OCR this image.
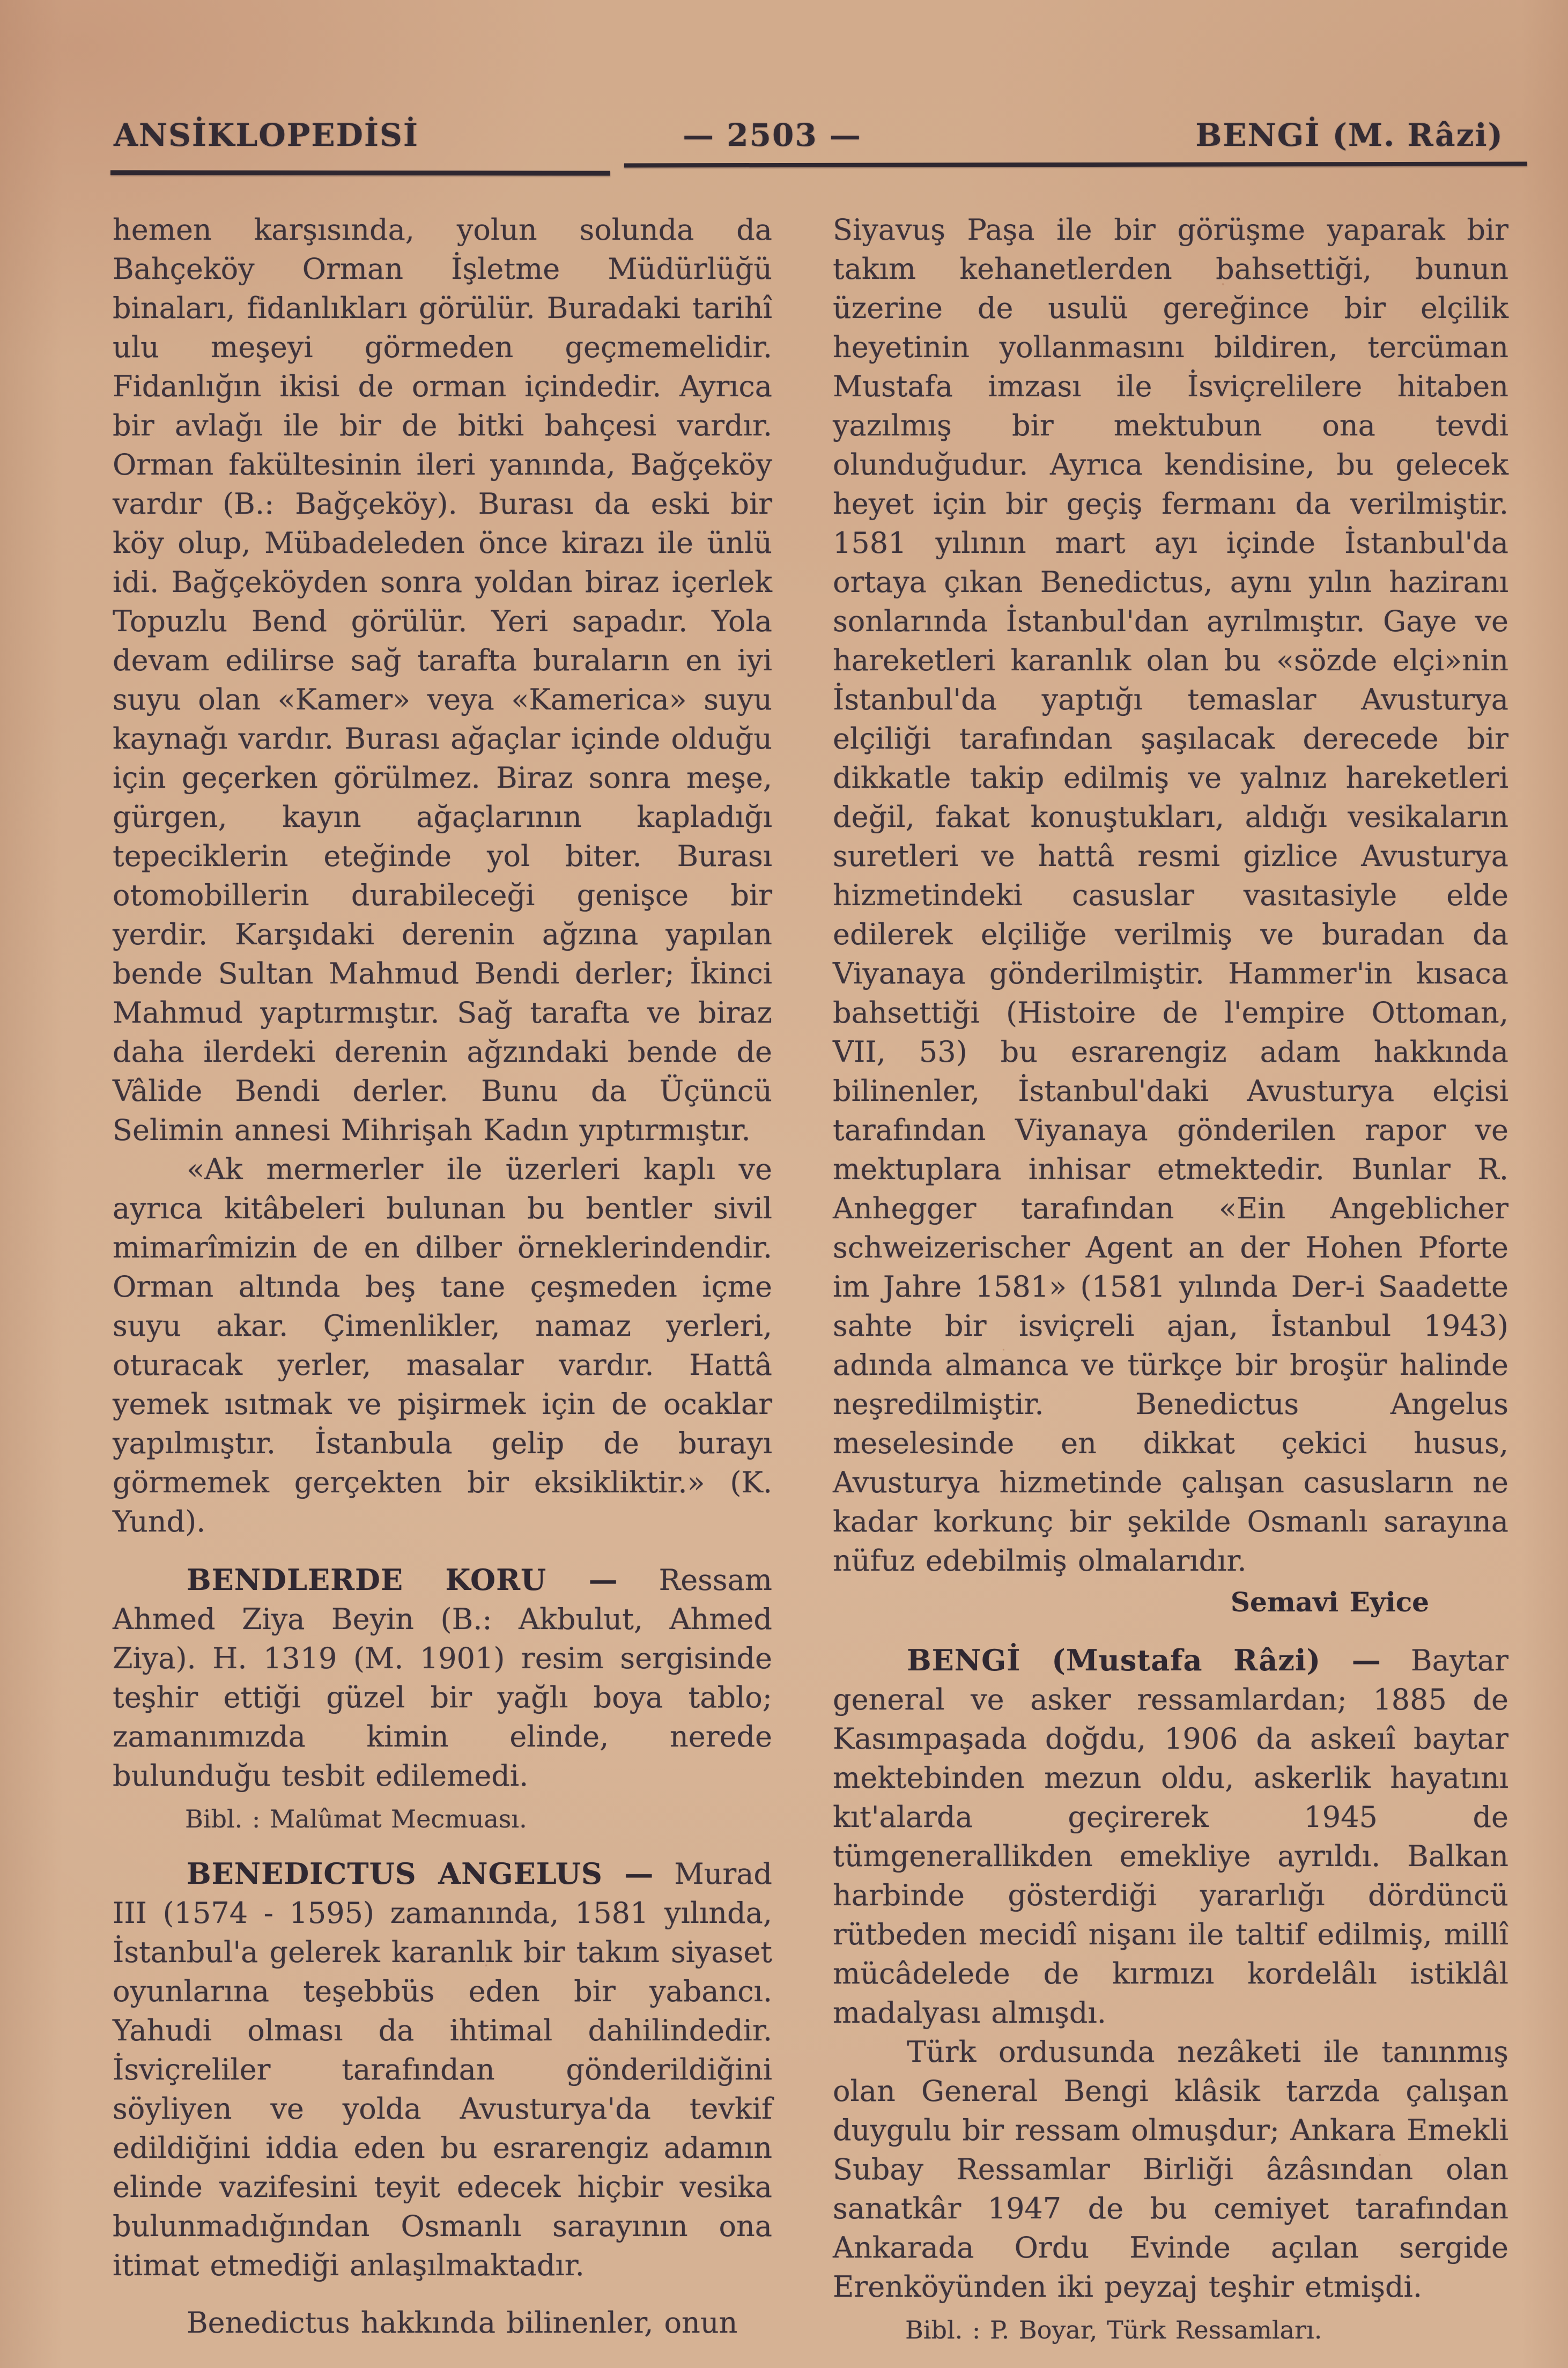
ANSİKLOPEDİSİ	— 2503 —	BENGİ (M. Râzi)

hemen karşısında, yolun solunda da Bahçeköy Orman İşletme Müdürlüğü binaları, fidanlıkları görülür. Buradaki tarihî ulu meşeyi görmeden geçmemelidir. Fidanlığın ikisi de orman içindedir. Ayrıca bir avlağı ile bir de bitki bahçesi vardır. Orman fakültesinin ileri yanında, Bağçeköy vardır (B.: Bağçeköy). Burası da eski bir köy olup, Mübadeleden önce kirazı ile ünlü idi. Bağçeköyden sonra yoldan biraz içerlek Topuzlu Bend görülür. Yeri sapadır. Yola devam edilirse sağ tarafta buraların en iyi suyu olan «Kamer» veya «Kamerica» suyu kaynağı vardır. Burası ağaçlar içinde olduğu için geçerken görülmez. Biraz sonra meşe, gürgen, kayın ağaçlarının kapladığı tepeciklerin eteğinde yol biter. Burası otomobillerin durabileceği genişce bir yerdir. Karşıdaki derenin ağzına yapılan bende Sultan Mahmud Bendi derler; İkinci Mahmud yaptırmıştır. Sağ tarafta ve biraz daha ilerdeki derenin ağzındaki bende de Vâlide Bendi derler. Bunu da Üçüncü Selimin annesi Mihrişah Kadın yıptırmıştır.

«Ak mermerler ile üzerleri kaplı ve ayrıca kitâbeleri bulunan bu bentler sivil mimarîmizin de en dilber örneklerindendir. Orman altında beş tane çeşmeden içme suyu akar. Çimenlikler, namaz yerleri, oturacak yerler, masalar vardır. Hattâ yemek ısıtmak ve pişirmek için de ocaklar yapılmıştır. İstanbula gelip de burayı görmemek gerçekten bir eksikliktir.» (K. Yund).

BENDLERDE KORU — Ressam Ahmed Ziya Beyin (B.: Akbulut, Ahmed Ziya). H. 1319 (M. 1901) resim sergisinde teşhir ettiği güzel bir yağlı boya tablo; zamanımızda kimin elinde, nerede bulunduğu tesbit edilemedi.

Bibl. : Malûmat Mecmuası.

BENEDICTUS ANGELUS — Murad III (1574 - 1595) zamanında, 1581 yılında, İstanbul'a gelerek karanlık bir takım siyaset oyunlarına teşebbüs eden bir yabancı. Yahudi olması da ihtimal dahilindedir. İsviçreliler tarafından gönderildiğini söyliyen ve yolda Avusturya'da tevkif edildiğini iddia eden bu esrarengiz adamın elinde vazifesini teyit edecek hiçbir vesika bulunmadığından Osmanlı sarayının ona itimat etmediği anlaşılmaktadır.

Benedictus hakkında bilinenler, onun

Siyavuş Paşa ile bir görüşme yaparak bir takım kehanetlerden bahsettiği, bunun üzerine de usulü gereğince bir elçilik heyetinin yollanmasını bildiren, tercüman Mustafa imzası ile İsviçrelilere hitaben yazılmış bir mektubun ona tevdi olunduğudur. Ayrıca kendisine, bu gelecek heyet için bir geçiş fermanı da verilmiştir. 1581 yılının mart ayı içinde İstanbul'da ortaya çıkan Benedictus, aynı yılın haziranı sonlarında İstanbul'dan ayrılmıştır. Gaye ve hareketleri karanlık olan bu «sözde elçi»nin İstanbul'da yaptığı temaslar Avusturya elçiliği tarafından şaşılacak derecede bir dikkatle takip edilmiş ve yalnız hareketleri değil, fakat konuştukları, aldığı vesikaların suretleri ve hattâ resmi gizlice Avusturya hizmetindeki casuslar vasıtasiyle elde edilerek elçiliğe verilmiş ve buradan da Viyanaya gönderilmiştir. Hammer'in kısaca bahsettiği (Histoire de l'empire Ottoman, VII, 53) bu esrarengiz adam hakkında bilinenler, İstanbul'daki Avusturya elçisi tarafından Viyanaya gönderilen rapor ve mektuplara inhisar etmektedir. Bunlar R. Anhegger tarafından «Ein Angeblicher schweizerischer Agent an der Hohen Pforte im Jahre 1581» (1581 yılında Der-i Saadette sahte bir isviçreli ajan, İstanbul 1943) adında almanca ve türkçe bir broşür halinde neşredilmiştir. Benedictus Angelus meselesinde en dikkat çekici husus, Avusturya hizmetinde çalışan casusların ne kadar korkunç bir şekilde Osmanlı sarayına nüfuz edebilmiş olmalarıdır.

Semavi Eyice

BENGİ (Mustafa Râzi) — Baytar general ve asker ressamlardan; 1885 de Kasımpaşada doğdu, 1906 da askeıî baytar mektebinden mezun oldu, askerlik hayatını kıt'alarda geçirerek 1945 de tümgenerallikden emekliye ayrıldı. Balkan harbinde gösterdiği yararlığı dördüncü rütbeden mecidî nişanı ile taltif edilmiş, millî mücâdelede de kırmızı kordelâlı istiklâl madalyası almışdı.

Türk ordusunda nezâketi ile tanınmış olan General Bengi klâsik tarzda çalışan duygulu bir ressam olmuşdur; Ankara Emekli Subay Ressamlar Birliği âzâsından olan sanatkâr 1947 de bu cemiyet tarafından Ankarada Ordu Evinde açılan sergide Erenköyünden iki peyzaj teşhir etmişdi.

Bibl. : P. Boyar, Türk Ressamları.
